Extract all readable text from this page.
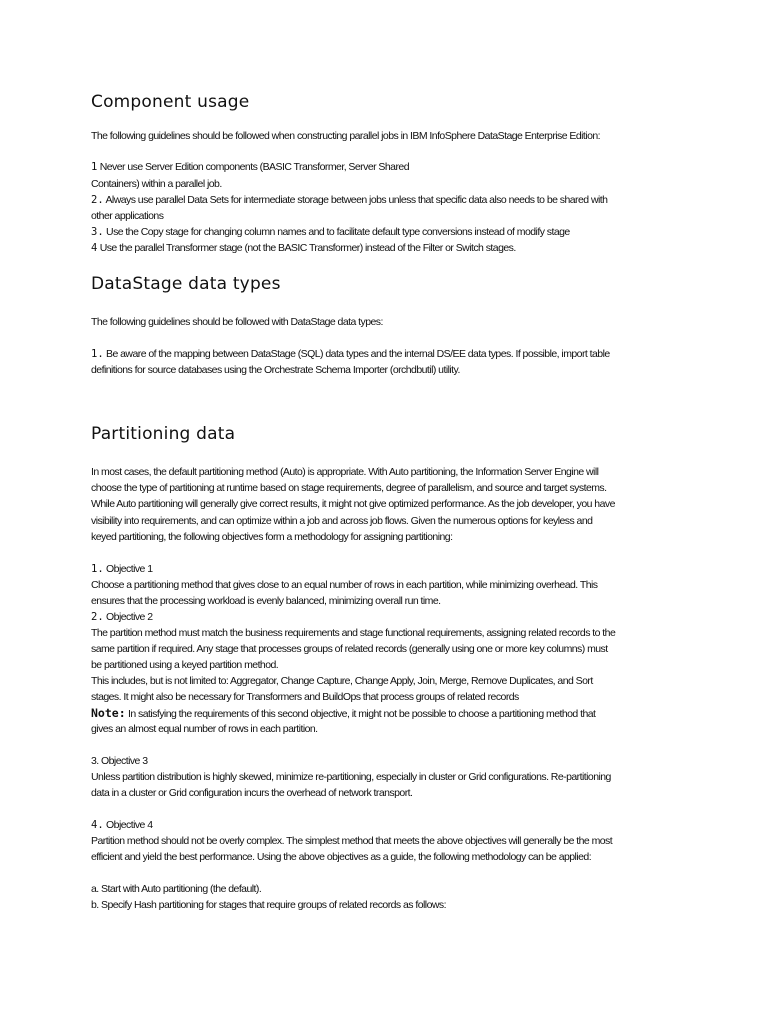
Component usage

The following guidelines should be followed when constructing parallel jobs in IBM InfoSphere DataStage Enterprise Edition:

1 Never use Server Edition components (BASIC Transformer, Server Shared

Containers) within a parallel job.

2. Always use parallel Data Sets for intermediate storage between jobs unless that specific data also needs to be shared with

other applications

3. Use the Copy stage for changing column names and to facilitate default type conversions instead of modify stage

4 Use the parallel Transformer stage (not the BASIC Transformer) instead of the Filter or Switch stages.

DataStage data types

The following guidelines should be followed with DataStage data types:

1. Be aware of the mapping between DataStage (SQL) data types and the internal DS/EE data types. If possible, import table

definitions for source databases using the Orchestrate Schema Importer (orchdbutil) utility.

Partitioning data

In most cases, the default partitioning method (Auto) is appropriate. With Auto partitioning, the Information Server Engine will

choose the type of partitioning at runtime based on stage requirements, degree of parallelism, and source and target systems.

While Auto partitioning will generally give correct results, it might not give optimized performance. As the job developer, you have

visibility into requirements, and can optimize within a job and across job flows. Given the numerous options for keyless and

keyed partitioning, the following objectives form a methodology for assigning partitioning:

1. Objective 1

Choose a partitioning method that gives close to an equal number of rows in each partition, while minimizing overhead. This

ensures that the processing workload is evenly balanced, minimizing overall run time.

2. Objective 2

The partition method must match the business requirements and stage functional requirements, assigning related records to the

same partition if required. Any stage that processes groups of related records (generally using one or more key columns) must

be partitioned using a keyed partition method.

This includes, but is not limited to: Aggregator, Change Capture, Change Apply, Join, Merge, Remove Duplicates, and Sort

stages. It might also be necessary for Transformers and BuildOps that process groups of related records

Note: In satisfying the requirements of this second objective, it might not be possible to choose a partitioning method that

gives an almost equal number of rows in each partition.

3. Objective 3

Unless partition distribution is highly skewed, minimize re-partitioning, especially in cluster or Grid configurations. Re-partitioning

data in a cluster or Grid configuration incurs the overhead of network transport.

4. Objective 4

Partition method should not be overly complex. The simplest method that meets the above objectives will generally be the most

efficient and yield the best performance. Using the above objectives as a guide, the following methodology can be applied:

a. Start with Auto partitioning (the default).

b. Specify Hash partitioning for stages that require groups of related records as follows:
